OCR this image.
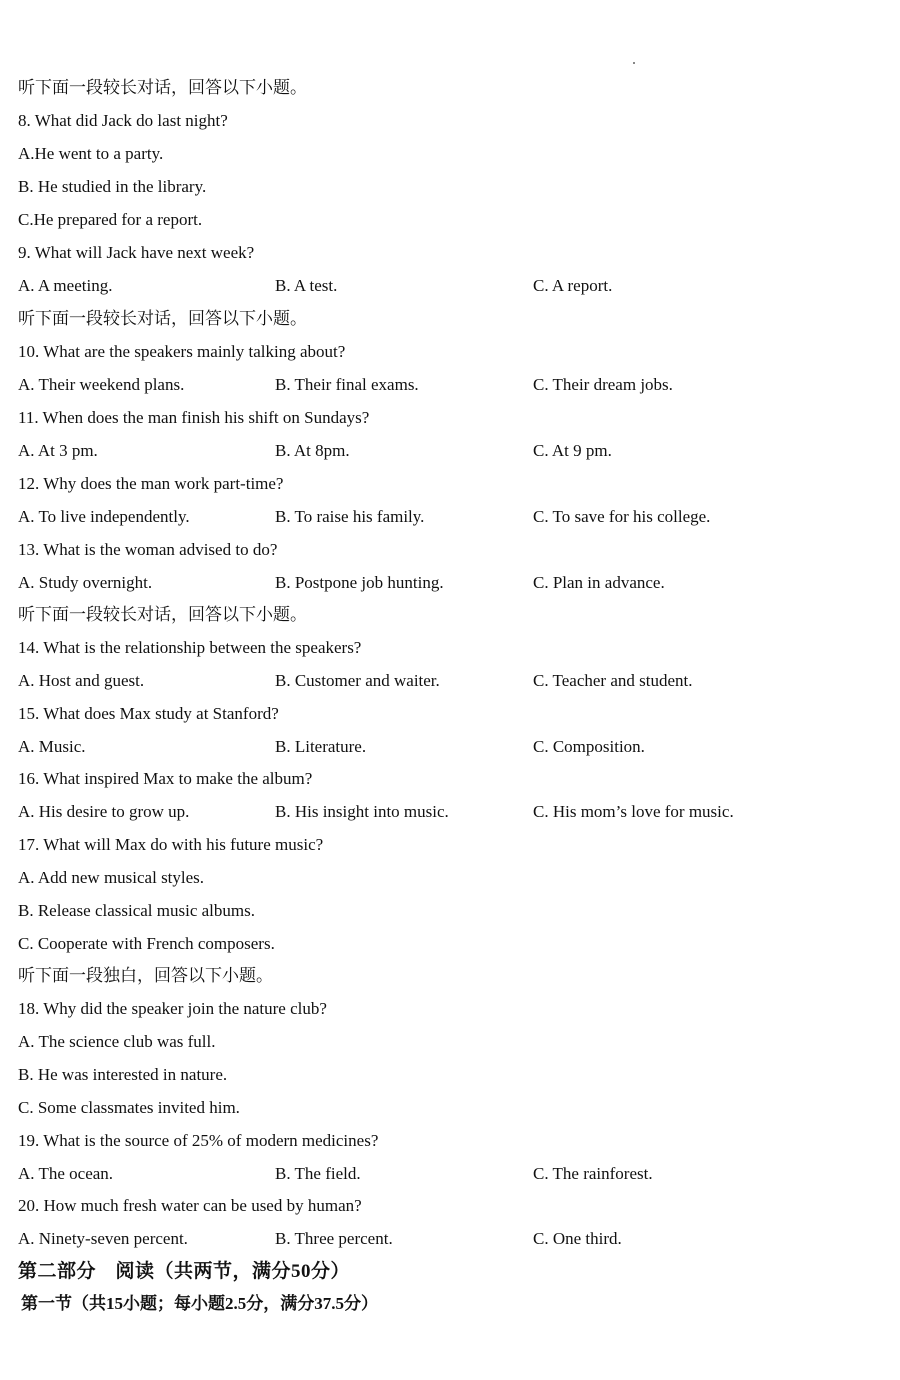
听下面一段较长对话，回答以下小题。
8. What did Jack do last night?
A.He went to a party.
B. He studied in the library.
C.He prepared for a report.
9. What will Jack have next week?
A. A meeting.	B. A test.	C. A report.
听下面一段较长对话，回答以下小题。
10. What are the speakers mainly talking about?
A. Their weekend plans.	B. Their final exams.	C. Their dream jobs.
11. When does the man finish his shift on Sundays?
A. At 3 pm.	B. At 8pm.	C. At 9 pm.
12. Why does the man work part-time?
A. To live independently.	B. To raise his family.	C. To save for his college.
13. What is the woman advised to do?
A. Study overnight.	B. Postpone job hunting.	C. Plan in advance.
听下面一段较长对话，回答以下小题。
14. What is the relationship between the speakers?
A. Host and guest.	B. Customer and waiter.	C. Teacher and student.
15. What does Max study at Stanford?
A. Music.	B. Literature.	C. Composition.
16. What inspired Max to make the album?
A. His desire to grow up.	B. His insight into music.	C. His mom’s love for music.
17. What will Max do with his future music?
A. Add new musical styles.
B. Release classical music albums.
C. Cooperate with French composers.
听下面一段独白，回答以下小题。
18. Why did the speaker join the nature club?
A. The science club was full.
B. He was interested in nature.
C. Some classmates invited him.
19. What is the source of 25% of modern medicines?
A. The ocean.	B. The field.	C. The rainforest.
20. How much fresh water can be used by human?
A. Ninety-seven percent.	B. Three percent.	C. One third.
第二部分　阅读（共两节，满分50分）
第一节（共15小题；每小题2.5分，满分37.5分）
